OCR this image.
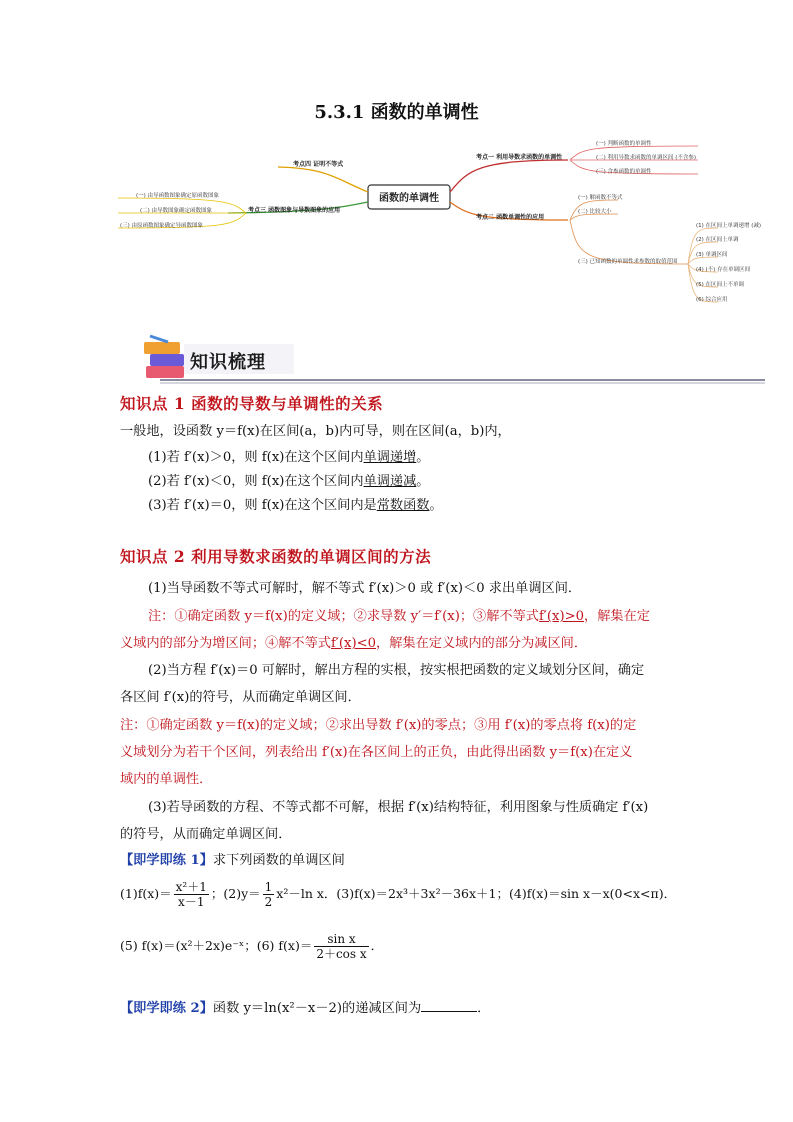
5.3.1 函数的单调性
函数的单调性
考点四 证明不等式
考点三 函数图象与导数图象的应用
考点一 利用导数求函数的单调性
考点二 函数单调性的应用
(一) 由导函数图象确定原函数图象
(二) 由导数图象确定函数图象
(三) 由原函数图象确定导函数图象
(一) 判断函数的单调性
(二) 利用导数求函数的单调区间 (不含参)
(三) 含参函数的单调性
(一) 解函数不等式
(二) 比较大小
(三) 已知函数的单调性求参数的取值范围
(1) 在区间上单调递增 (减)
(2) 在区间上单调
(3) 单调区间
(4) (不) 存在单调区间
(5) 在区间上不单调
(6) 综合应用
知识梳理
知识点 1 函数的导数与单调性的关系
一般地，设函数 y＝f(x)在区间(a，b)内可导，则在区间(a，b)内，
(1)若 f′(x)＞0，则 f(x)在这个区间内单调递增。
(2)若 f′(x)＜0，则 f(x)在这个区间内单调递减。
(3)若 f′(x)＝0，则 f(x)在这个区间内是常数函数。
知识点 2 利用导数求函数的单调区间的方法
(1)当导函数不等式可解时，解不等式 f′(x)＞0 或 f′(x)＜0 求出单调区间．
注：①确定函数 y＝f(x)的定义域；②求导数 y′＝f′(x)；③解不等式f′(x)>0，解集在定
义域内的部分为增区间；④解不等式f′(x)<0，解集在定义域内的部分为减区间．
(2)当方程 f′(x)＝0 可解时，解出方程的实根，按实根把函数的定义域划分区间，确定
各区间 f′(x)的符号，从而确定单调区间．
注：①确定函数 y＝f(x)的定义域；②求出导数 f′(x)的零点；③用 f′(x)的零点将 f(x)的定
义域划分为若干个区间，列表给出 f′(x)在各区间上的正负，由此得出函数 y＝f(x)在定义
域内的单调性．
(3)若导函数的方程、不等式都不可解，根据 f′(x)结构特征，利用图象与性质确定 f′(x)
的符号，从而确定单调区间．
【即学即练 1】求下列函数的单调区间
$(1)f(x)= \frac{\text{x²＋1}}{x-1}$ ；$(2)y= \frac{1}{2} x^2-\ln$ x．(3)f(x)＝2x³＋3x²－36x＋1；(4)f(x)＝sin x－x(0<x<π)．
(5) f(x)＝(x²＋2x)e⁻ˣ；(6) $f(x)= \frac{\text{sin x}}{\text{2＋cos x}}$ ．
【即学即练 2】函数 y＝ln(x²－x－2)的递减区间为	．
